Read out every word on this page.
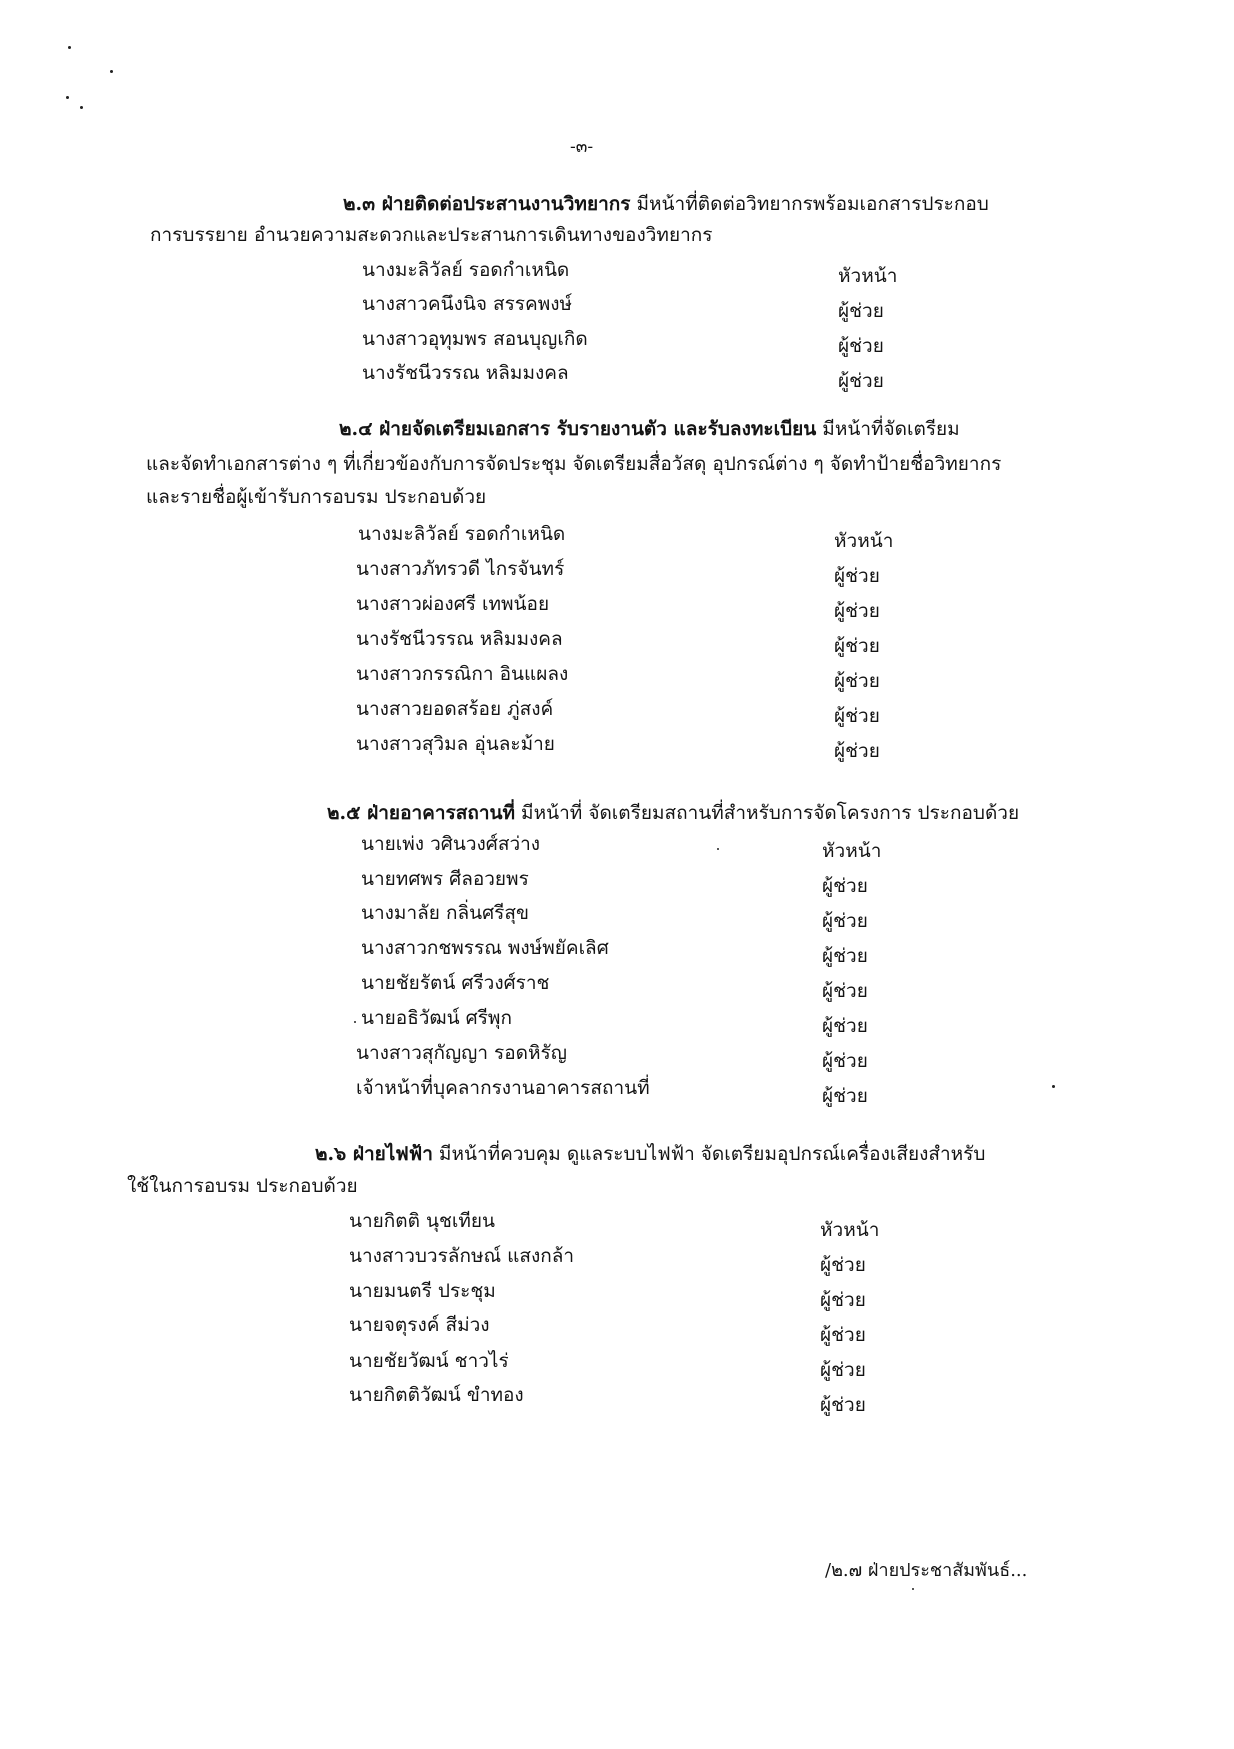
-๓-
๒.๓ ฝ่ายติดต่อประสานงานวิทยากร มีหน้าที่ติดต่อวิทยากรพร้อมเอกสารประกอบ
การบรรยาย อำนวยความสะดวกและประสานการเดินทางของวิทยากร
นางมะลิวัลย์ รอดกำเหนิด	หัวหน้า
นางสาวคนึงนิจ สรรคพงษ์	ผู้ช่วย
นางสาวอุทุมพร สอนบุญเกิด	ผู้ช่วย
นางรัชนีวรรณ หลิมมงคล	ผู้ช่วย
๒.๔ ฝ่ายจัดเตรียมเอกสาร รับรายงานตัว และรับลงทะเบียน มีหน้าที่จัดเตรียม
และจัดทำเอกสารต่าง ๆ ที่เกี่ยวข้องกับการจัดประชุม จัดเตรียมสื่อวัสดุ อุปกรณ์ต่าง ๆ จัดทำป้ายชื่อวิทยากร
และรายชื่อผู้เข้ารับการอบรม ประกอบด้วย
นางมะลิวัลย์ รอดกำเหนิด	หัวหน้า
นางสาวภัทรวดี ไกรจันทร์	ผู้ช่วย
นางสาวผ่องศรี เทพน้อย	ผู้ช่วย
นางรัชนีวรรณ หลิมมงคล	ผู้ช่วย
นางสาวกรรณิกา อินแผลง	ผู้ช่วย
นางสาวยอดสร้อย ภู่สงค์	ผู้ช่วย
นางสาวสุวิมล อุ่นละม้าย	ผู้ช่วย
๒.๕ ฝ่ายอาคารสถานที่ มีหน้าที่ จัดเตรียมสถานที่สำหรับการจัดโครงการ ประกอบด้วย
นายเพ่ง วศินวงศ์สว่าง	หัวหน้า
นายทศพร ศีลอวยพร	ผู้ช่วย
นางมาลัย กลิ่นศรีสุข	ผู้ช่วย
นางสาวกชพรรณ พงษ์พยัคเลิศ	ผู้ช่วย
นายชัยรัตน์ ศรีวงศ์ราช	ผู้ช่วย
นายอธิวัฒน์ ศรีพุก	ผู้ช่วย
นางสาวสุกัญญา รอดหิรัญ	ผู้ช่วย
เจ้าหน้าที่บุคลากรงานอาคารสถานที่	ผู้ช่วย
๒.๖ ฝ่ายไฟฟ้า มีหน้าที่ควบคุม ดูแลระบบไฟฟ้า จัดเตรียมอุปกรณ์เครื่องเสียงสำหรับ
ใช้ในการอบรม ประกอบด้วย
นายกิตติ นุชเทียน	หัวหน้า
นางสาวบวรลักษณ์ แสงกล้า	ผู้ช่วย
นายมนตรี ประชุม	ผู้ช่วย
นายจตุรงค์ สีม่วง	ผู้ช่วย
นายชัยวัฒน์ ชาวไร่	ผู้ช่วย
นายกิตติวัฒน์ ขำทอง	ผู้ช่วย
/๒.๗ ฝ่ายประชาสัมพันธ์...
